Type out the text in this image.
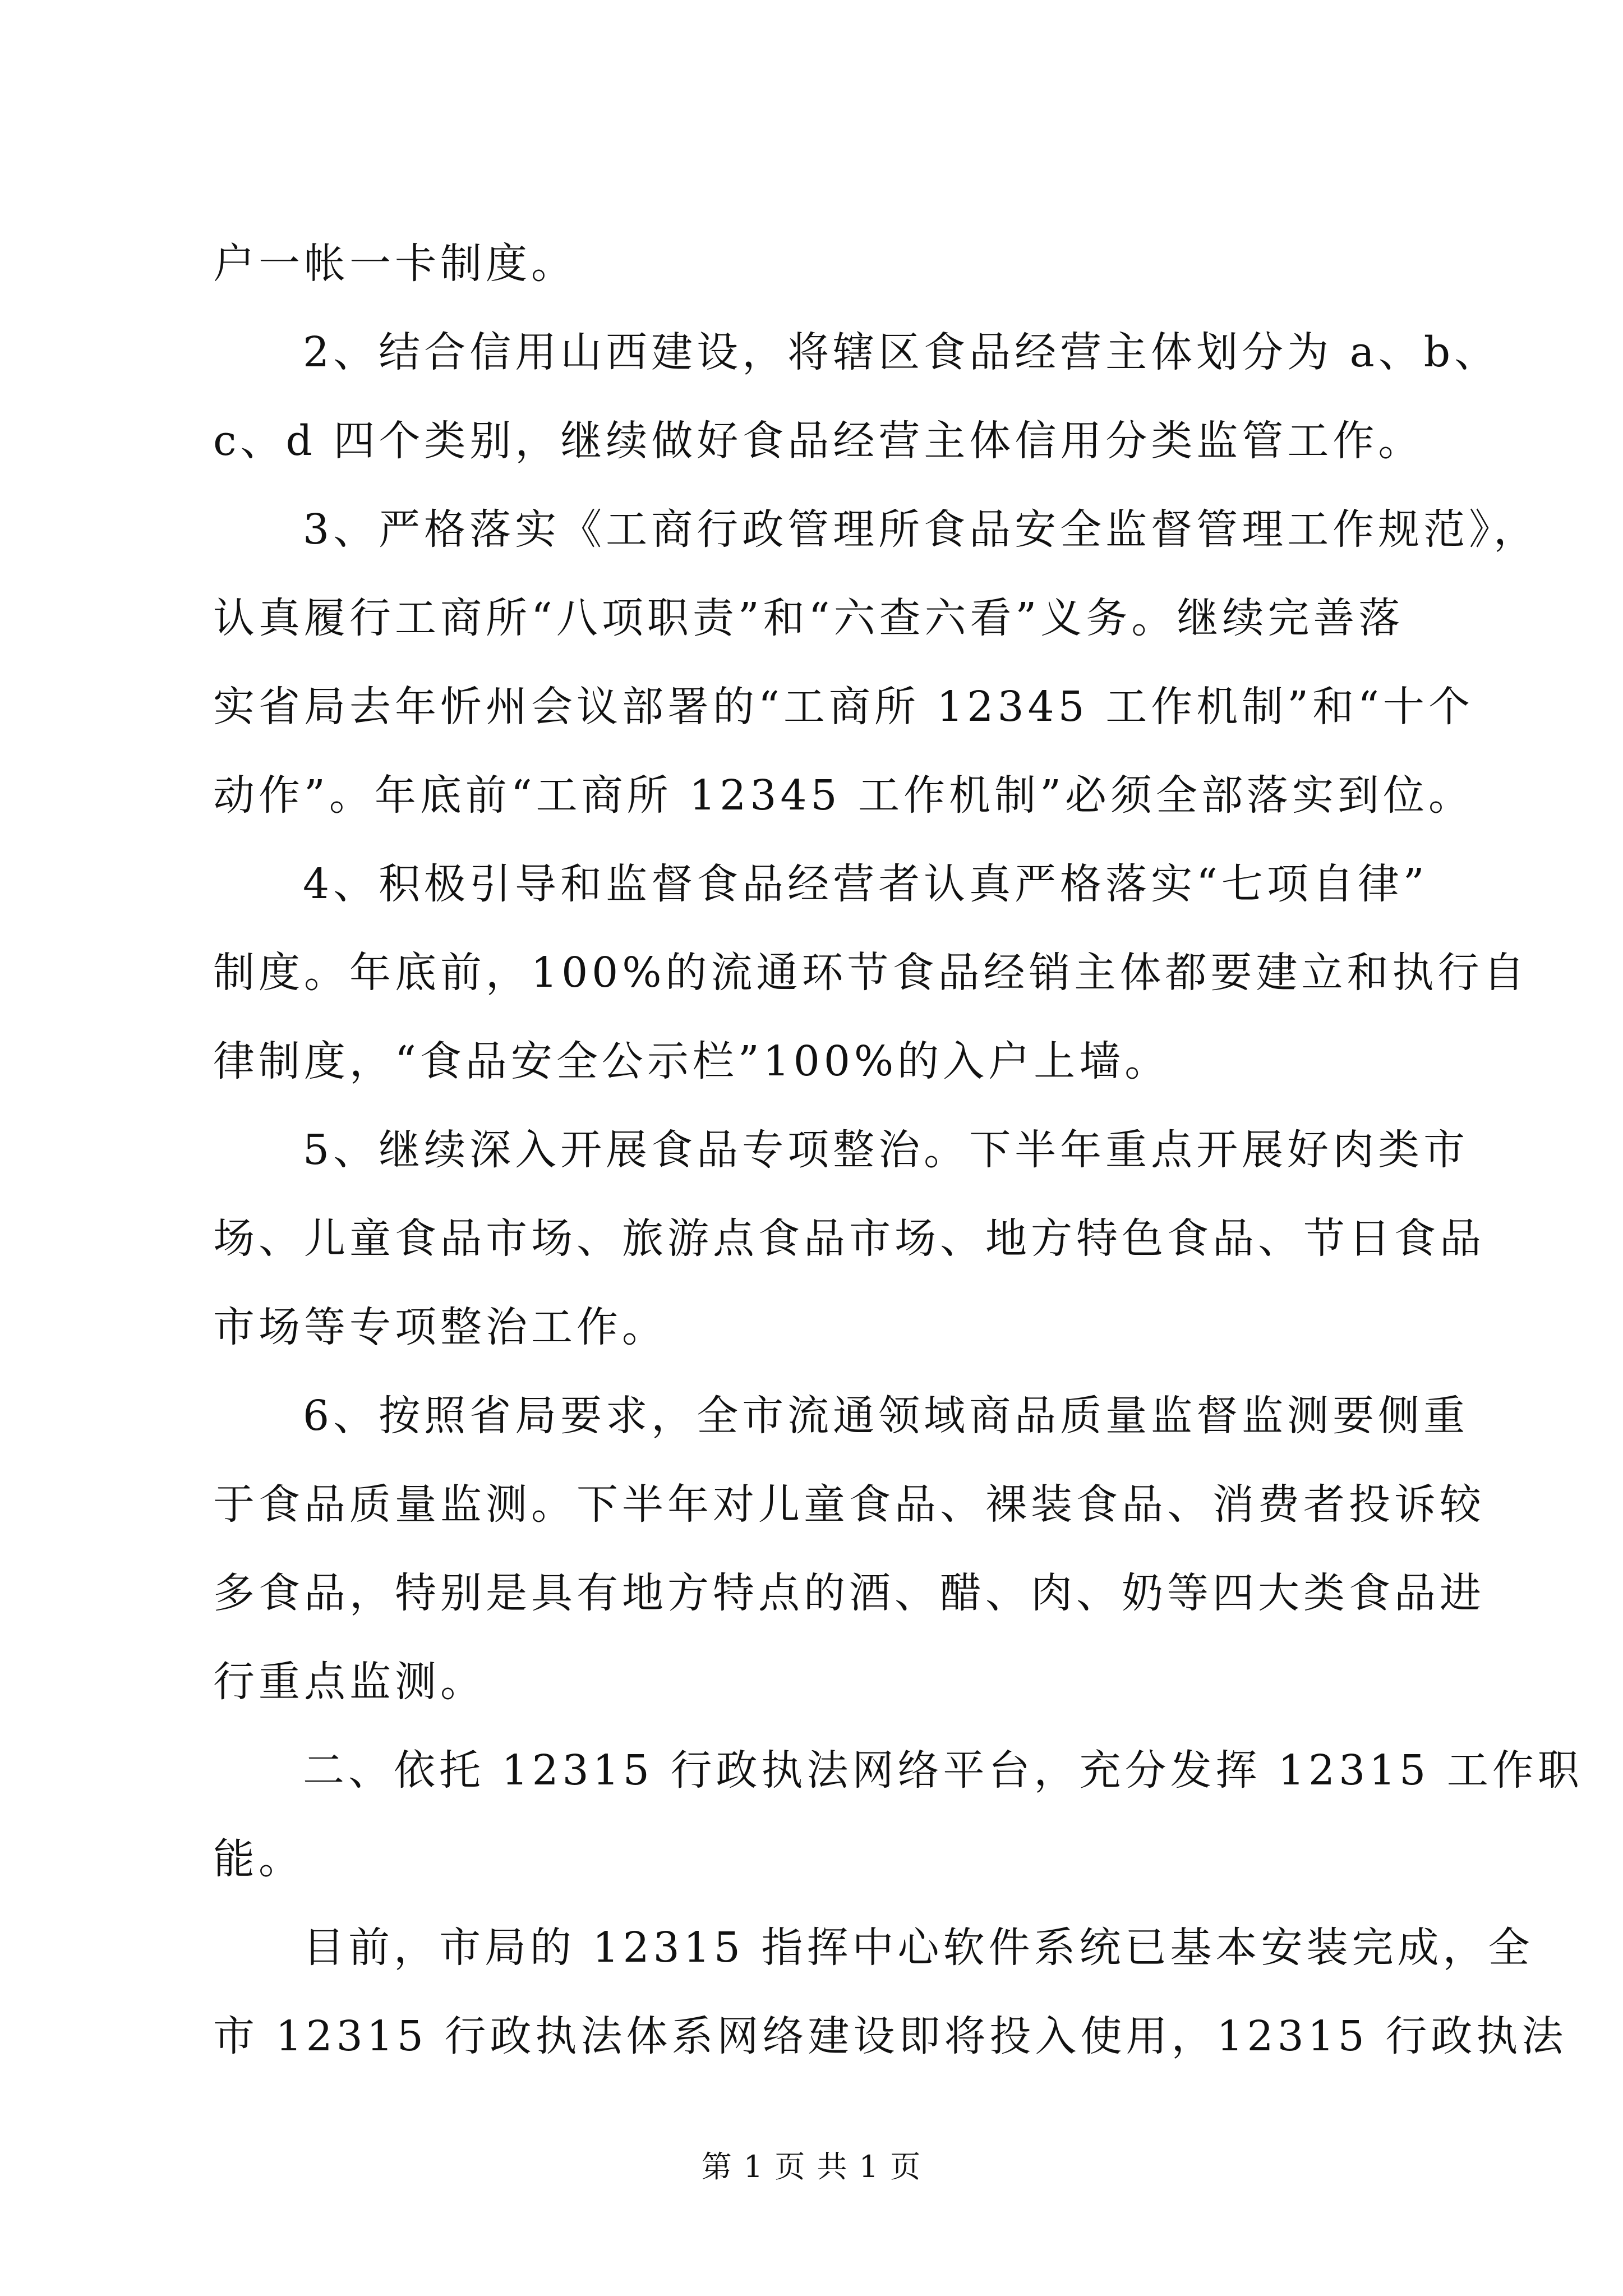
户一帐一卡制度。
2、结合信用山西建设，将辖区食品经营主体划分为 a、b、
c、d 四个类别，继续做好食品经营主体信用分类监管工作。
3、严格落实《工商行政管理所食品安全监督管理工作规范》，
认真履行工商所“八项职责”和“六查六看”义务。继续完善落
实省局去年忻州会议部署的“工商所 12345 工作机制”和“十个
动作”。年底前“工商所 12345 工作机制”必须全部落实到位。
4、积极引导和监督食品经营者认真严格落实“七项自律”
制度。年底前，100%的流通环节食品经销主体都要建立和执行自
律制度，“食品安全公示栏”100%的入户上墙。
5、继续深入开展食品专项整治。下半年重点开展好肉类市
场、儿童食品市场、旅游点食品市场、地方特色食品、节日食品
市场等专项整治工作。
6、按照省局要求，全市流通领域商品质量监督监测要侧重
于食品质量监测。下半年对儿童食品、裸装食品、消费者投诉较
多食品，特别是具有地方特点的酒、醋、肉、奶等四大类食品进
行重点监测。
二、依托 12315 行政执法网络平台，充分发挥 12315 工作职
能。
目前，市局的 12315 指挥中心软件系统已基本安装完成，全
市 12315 行政执法体系网络建设即将投入使用，12315 行政执法
第 1 页 共 1 页
